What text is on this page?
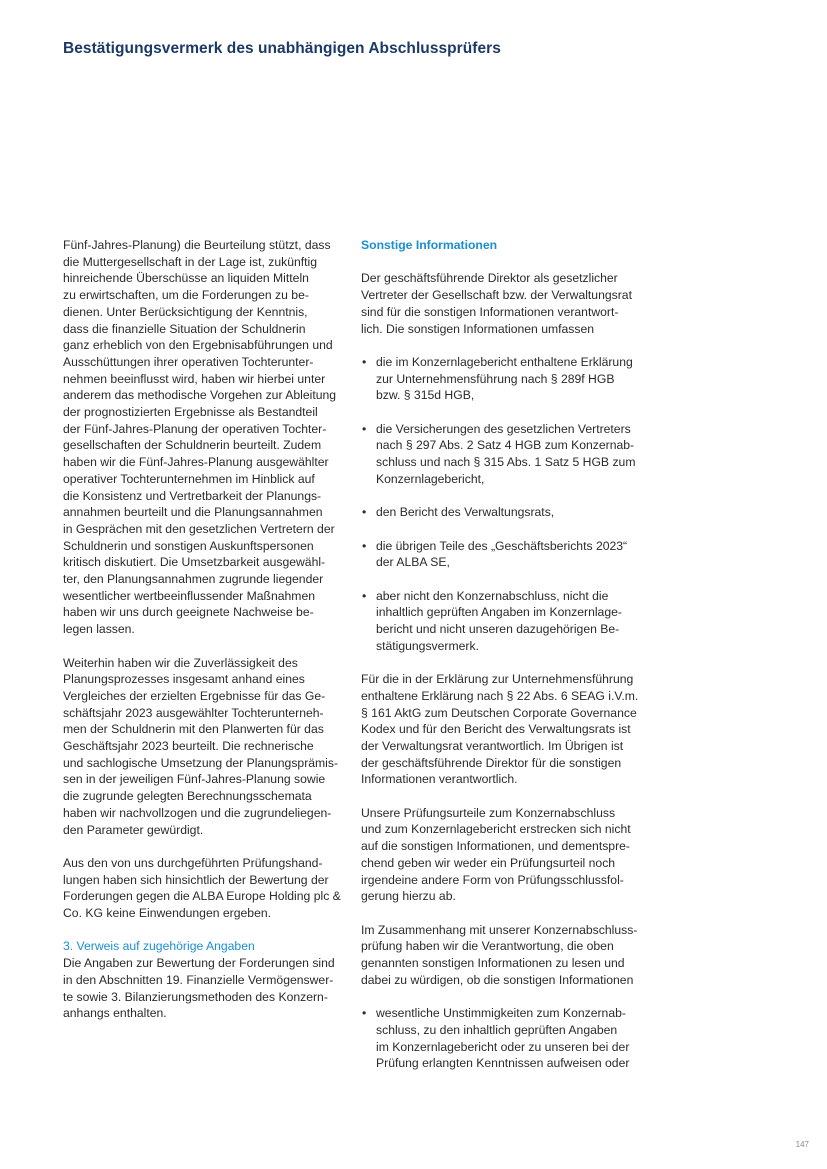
Bestätigungsvermerk des unabhängigen Abschlussprüfers
Fünf-Jahres-Planung) die Beurteilung stützt, dass
die Muttergesellschaft in der Lage ist, zukünftig
hinreichende Überschüsse an liquiden Mitteln
zu erwirtschaften, um die Forderungen zu be-
dienen. Unter Berücksichtigung der Kenntnis,
dass die finanzielle Situation der Schuldnerin
ganz erheblich von den Ergebnisabführungen und
Ausschüttungen ihrer operativen Tochterunter-
nehmen beeinflusst wird, haben wir hierbei unter
anderem das methodische Vorgehen zur Ableitung
der prognostizierten Ergebnisse als Bestandteil
der Fünf-Jahres-Planung der operativen Tochter-
gesellschaften der Schuldnerin beurteilt. Zudem
haben wir die Fünf-Jahres-Planung ausgewählter
operativer Tochterunternehmen im Hinblick auf
die Konsistenz und Vertretbarkeit der Planungs-
annahmen beurteilt und die Planungsannahmen
in Gesprächen mit den gesetzlichen Vertretern der
Schuldnerin und sonstigen Auskunftspersonen
kritisch diskutiert. Die Umsetzbarkeit ausgewähl-
ter, den Planungsannahmen zugrunde liegender
wesentlicher wertbeeinflussender Maßnahmen
haben wir uns durch geeignete Nachweise be-
legen lassen.
Weiterhin haben wir die Zuverlässigkeit des
Planungsprozesses insgesamt anhand eines
Vergleiches der erzielten Ergebnisse für das Ge-
schäftsjahr 2023 ausgewählter Tochterunterneh-
men der Schuldnerin mit den Planwerten für das
Geschäftsjahr 2023 beurteilt. Die rechnerische
und sachlogische Umsetzung der Planungsprämis-
sen in der jeweiligen Fünf-Jahres-Planung sowie
die zugrunde gelegten Berechnungsschemata
haben wir nachvollzogen und die zugrundeliegen-
den Parameter gewürdigt.
Aus den von uns durchgeführten Prüfungshand-
lungen haben sich hinsichtlich der Bewertung der
Forderungen gegen die ALBA Europe Holding plc &
Co. KG keine Einwendungen ergeben.
3. Verweis auf zugehörige Angaben
Die Angaben zur Bewertung der Forderungen sind
in den Abschnitten 19. Finanzielle Vermögenswer-
te sowie 3. Bilanzierungsmethoden des Konzern-
anhangs enthalten.
Sonstige Informationen
Der geschäftsführende Direktor als gesetzlicher
Vertreter der Gesellschaft bzw. der Verwaltungsrat
sind für die sonstigen Informationen verantwort-
lich. Die sonstigen Informationen umfassen
• die im Konzernlagebericht enthaltene Erklärung
zur Unternehmensführung nach § 289f HGB
bzw. § 315d HGB,
• die Versicherungen des gesetzlichen Vertreters
nach § 297 Abs. 2 Satz 4 HGB zum Konzernab-
schluss und nach § 315 Abs. 1 Satz 5 HGB zum
Konzernlagebericht,
• den Bericht des Verwaltungsrats,
• die übrigen Teile des „Geschäftsberichts 2023“
der ALBA SE,
• aber nicht den Konzernabschluss, nicht die
inhaltlich geprüften Angaben im Konzernlage-
bericht und nicht unseren dazugehörigen Be-
stätigungsvermerk.
Für die in der Erklärung zur Unternehmensführung
enthaltene Erklärung nach § 22 Abs. 6 SEAG i.V.m.
§ 161 AktG zum Deutschen Corporate Governance
Kodex und für den Bericht des Verwaltungsrats ist
der Verwaltungsrat verantwortlich. Im Übrigen ist
der geschäftsführende Direktor für die sonstigen
Informationen verantwortlich.
Unsere Prüfungsurteile zum Konzernabschluss
und zum Konzernlagebericht erstrecken sich nicht
auf die sonstigen Informationen, und dementspre-
chend geben wir weder ein Prüfungsurteil noch
irgendeine andere Form von Prüfungsschlussfol-
gerung hierzu ab.
Im Zusammenhang mit unserer Konzernabschluss-
prüfung haben wir die Verantwortung, die oben
genannten sonstigen Informationen zu lesen und
dabei zu würdigen, ob die sonstigen Informationen
• wesentliche Unstimmigkeiten zum Konzernab-
schluss, zu den inhaltlich geprüften Angaben
im Konzernlagebericht oder zu unseren bei der
Prüfung erlangten Kenntnissen aufweisen oder
147
